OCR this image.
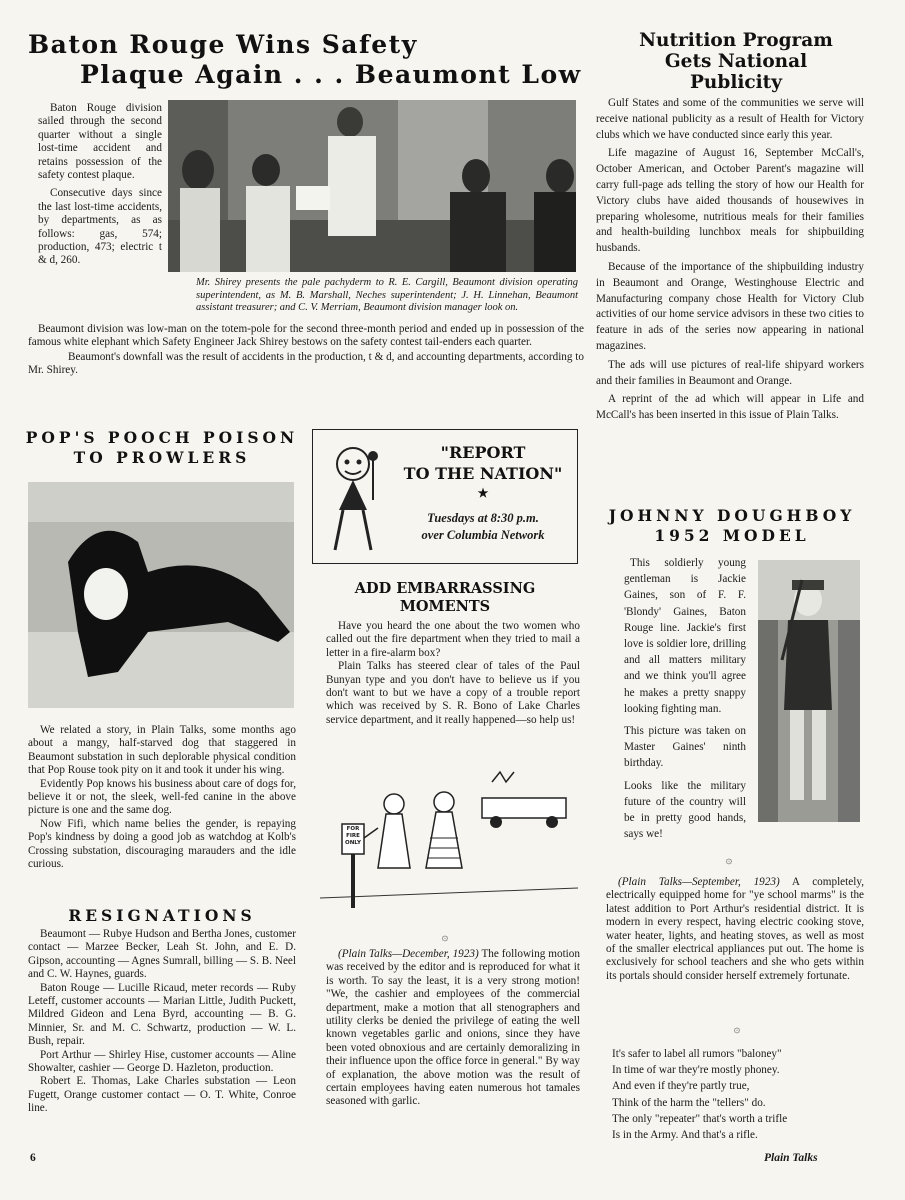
Baton Rouge Wins Safety
Plaque Again . . . Beaumont Low

Baton Rouge division sailed through the second quarter without a single lost-time accident and retains possession of the safety contest plaque.

Consecutive days since the last lost-time accidents, by departments, as as follows: gas, 574; production, 473; electric t & d, 260.

Mr. Shirey presents the pale pachyderm to R. E. Cargill, Beaumont division operating superintendent, as M. B. Marshall, Neches superintendent; J. H. Linnehan, Beaumont assistant treasurer; and C. V. Merriam, Beaumont division manager look on.

Beaumont division was low-man on the totem-pole for the second three-month period and ended up in possession of the famous white elephant which Safety Engineer Jack Shirey bestows on the safety contest tail-enders each quarter.

Beaumont's downfall was the result of accidents in the production, t & d, and accounting departments, according to Mr. Shirey.

Nutrition Program
Gets National
Publicity

Gulf States and some of the communities we serve will receive national publicity as a result of Health for Victory clubs which we have conducted since early this year.

Life magazine of August 16, September McCall's, October American, and October Parent's magazine will carry full-page ads telling the story of how our Health for Victory clubs have aided thousands of housewives in preparing wholesome, nutritious meals for their families and health-building lunchbox meals for shipbuilding husbands.

Because of the importance of the shipbuilding industry in Beaumont and Orange, Westinghouse Electric and Manufacturing company chose Health for Victory Club activities of our home service advisors in these two cities to feature in ads of the series now appearing in national magazines.

The ads will use pictures of real-life shipyard workers and their families in Beaumont and Orange.

A reprint of the ad which will appear in Life and McCall's has been inserted in this issue of Plain Talks.

POP'S POOCH POISON
TO PROWLERS

We related a story, in Plain Talks, some months ago about a mangy, half-starved dog that staggered in Beaumont substation in such deplorable physical condition that Pop Rouse took pity on it and took it under his wing.

Evidently Pop knows his business about care of dogs for, believe it or not, the sleek, well-fed canine in the above picture is one and the same dog.

Now Fifi, which name belies the gender, is repaying Pop's kindness by doing a good job as watchdog at Kolb's Crossing substation, discouraging marauders and the idle curious.

RESIGNATIONS

Beaumont — Rubye Hudson and Bertha Jones, customer contact — Marzee Becker, Leah St. John, and E. D. Gipson, accounting — Agnes Sumrall, billing — S. B. Neel and C. W. Haynes, guards.

Baton Rouge — Lucille Ricaud, meter records — Ruby Leteff, customer accounts — Marian Little, Judith Puckett, Mildred Gideon and Lena Byrd, accounting — B. G. Minnier, Sr. and M. C. Schwartz, production — W. L. Bush, repair.

Port Arthur — Shirley Hise, customer accounts — Aline Showalter, cashier — George D. Hazleton, production.

Robert E. Thomas, Lake Charles substation — Leon Fugett, Orange customer contact — O. T. White, Conroe line.

"REPORT
TO THE NATION"
★
Tuesdays at 8:30 p.m.
over Columbia Network
ADD EMBARRASSING
MOMENTS

Have you heard the one about the two women who called out the fire department when they tried to mail a letter in a fire-alarm box?

Plain Talks has steered clear of tales of the Paul Bunyan type and you don't have to believe us if you don't want to but we have a copy of a trouble report which was received by S. R. Bono of Lake Charles service department, and it really happened—so help us!

FOR FIRE ONLY
۞

(Plain Talks—December, 1923) The following motion was received by the editor and is reproduced for what it is worth. To say the least, it is a very strong motion! "We, the cashier and employees of the commercial department, make a motion that all stenographers and utility clerks be denied the privilege of eating the well known vegetables garlic and onions, since they have been voted obnoxious and are certainly demoralizing in their influence upon the office force in general." By way of explanation, the above motion was the result of certain employees having eaten numerous hot tamales seasoned with garlic.

JOHNNY DOUGHBOY
1952 MODEL

This soldierly young gentleman is Jackie Gaines, son of F. F. 'Blondy' Gaines, Baton Rouge line. Jackie's first love is soldier lore, drilling and all matters military and we think you'll agree he makes a pretty snappy looking fighting man.

This picture was taken on Master Gaines' ninth birthday.

Looks like the military future of the country will be in pretty good hands, says we!

۞

(Plain Talks—September, 1923) A completely, electrically equipped home for "ye school marms" is the latest addition to Port Arthur's residential district. It is modern in every respect, having electric cooking stove, water heater, lights, and heating stoves, as well as most of the smaller electrical appliances put out. The home is exclusively for school teachers and she who gets within its portals should consider herself extremely fortunate.

۞
It's safer to label all rumors "baloney"
In time of war they're mostly phoney.
And even if they're partly true,
Think of the harm the "tellers" do.
The only "repeater" that's worth a trifle
Is in the Army. And that's a rifle.
6	Plain Talks
